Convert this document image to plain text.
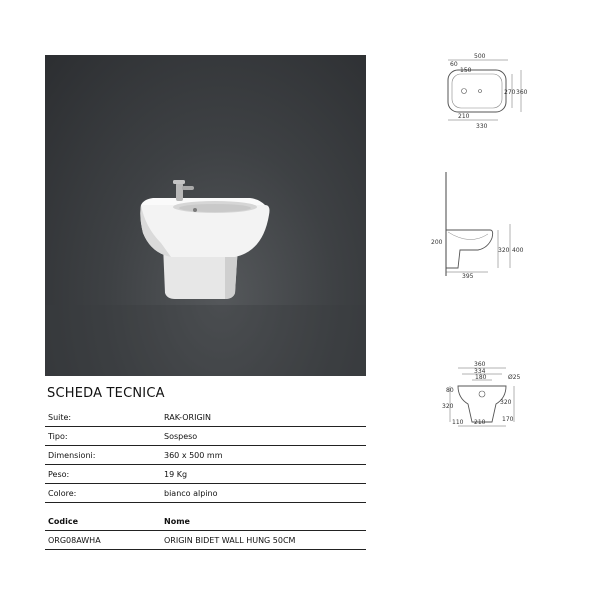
500
60
150
270 360
210
330
200
320 400
395
360
334
180	Ø25
80
320
320
110 210	170
SCHEDA TECNICA
Suite:	RAK-ORIGIN
Tipo:	Sospeso
Dimensioni:	360 x 500 mm
Peso:	19 Kg
Colore:	bianco alpino
Codice	Nome
ORG08AWHA	ORIGIN BIDET WALL HUNG 50CM
